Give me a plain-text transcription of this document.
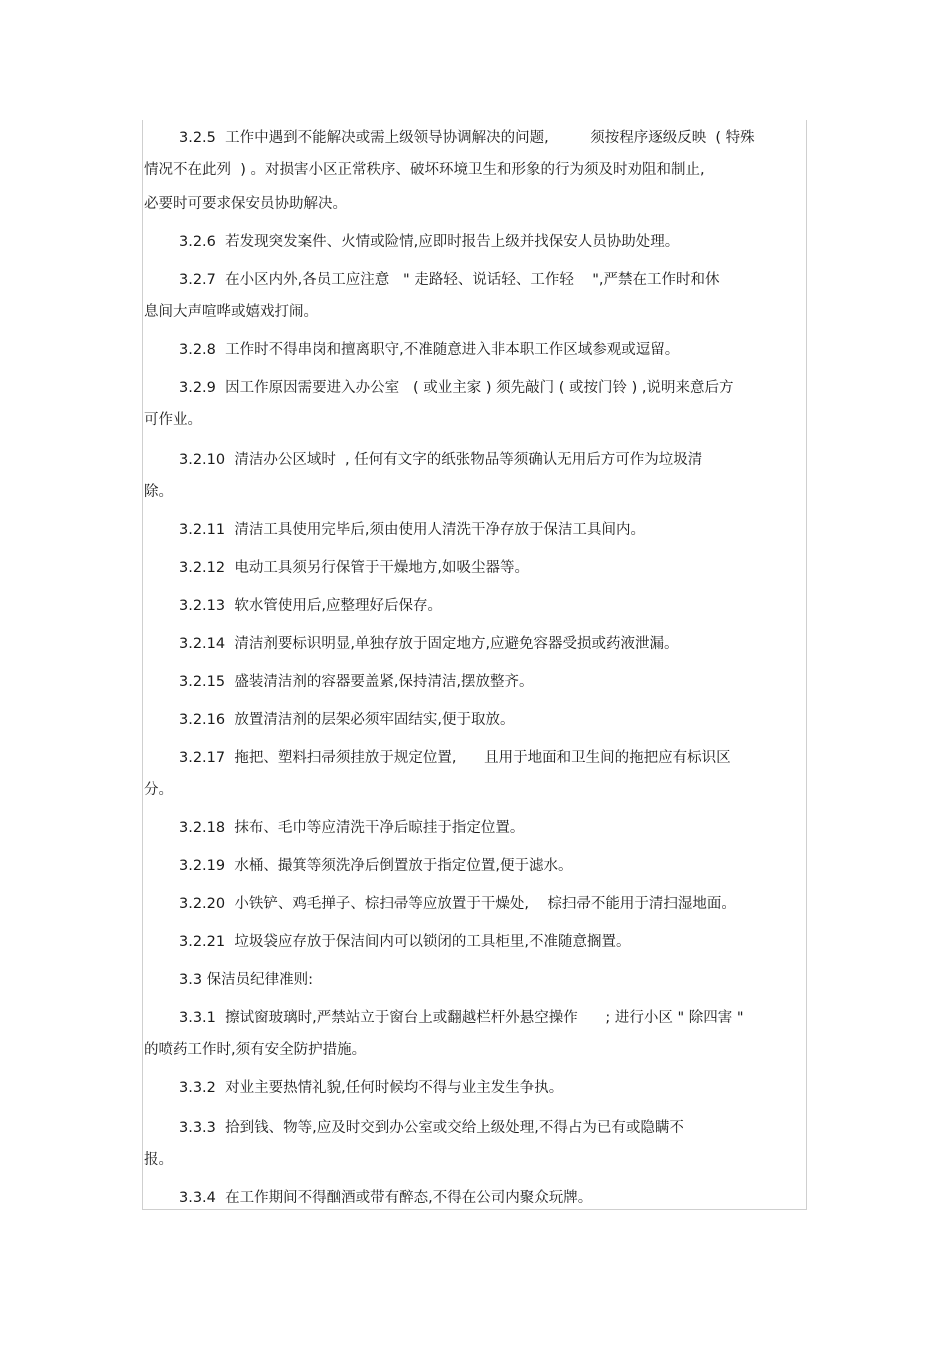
3.2.5  工作中遇到不能解决或需上级领导协调解决的问题,         须按程序逐级反映  ( 特殊
情况不在此列  ) 。对损害小区正常秩序、破坏环境卫生和形象的行为须及时劝阻和制止,
必要时可要求保安员协助解决。
3.2.6  若发现突发案件、火情或险情,应即时报告上级并找保安人员协助处理。
3.2.7  在小区内外,各员工应注意   " 走路轻、说话轻、工作轻    ",严禁在工作时和休
息间大声喧哗或嬉戏打闹。
3.2.8  工作时不得串岗和擅离职守,不准随意进入非本职工作区域参观或逗留。
3.2.9  因工作原因需要进入办公室   ( 或业主家 ) 须先敲门 ( 或按门铃 ) ,说明来意后方
可作业。
3.2.10  清洁办公区域时  , 任何有文字的纸张物品等须确认无用后方可作为垃圾清
除。
3.2.11  清洁工具使用完毕后,须由使用人清洗干净存放于保洁工具间内。
3.2.12  电动工具须另行保管于干燥地方,如吸尘器等。
3.2.13  软水管使用后,应整理好后保存。
3.2.14  清洁剂要标识明显,单独存放于固定地方,应避免容器受损或药液泄漏。
3.2.15  盛装清洁剂的容器要盖紧,保持清洁,摆放整齐。
3.2.16  放置清洁剂的层架必须牢固结实,便于取放。
3.2.17  拖把、塑料扫帚须挂放于规定位置,      且用于地面和卫生间的拖把应有标识区
分。
3.2.18  抹布、毛巾等应清洗干净后晾挂于指定位置。
3.2.19  水桶、撮箕等须洗净后倒置放于指定位置,便于滤水。
3.2.20  小铁铲、鸡毛掸子、棕扫帚等应放置于干燥处,    棕扫帚不能用于清扫湿地面。
3.2.21  垃圾袋应存放于保洁间内可以锁闭的工具柜里,不准随意搁置。
3.3 保洁员纪律准则:
3.3.1  擦试窗玻璃时,严禁站立于窗台上或翻越栏杆外悬空操作      ; 进行小区 " 除四害 "
的喷药工作时,须有安全防护措施。
3.3.2  对业主要热情礼貌,任何时候均不得与业主发生争执。
3.3.3  拾到钱、物等,应及时交到办公室或交给上级处理,不得占为已有或隐瞒不
报。
3.3.4  在工作期间不得酗酒或带有醉态,不得在公司内聚众玩牌。
